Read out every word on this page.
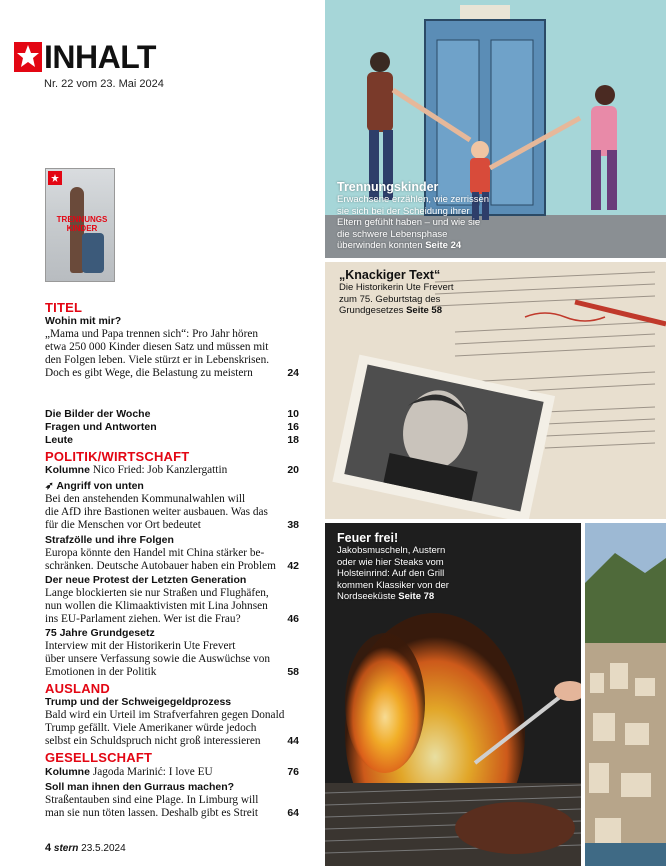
INHALT
Nr. 22 vom 23. Mai 2024
TRENNUNGS
KINDER
TITEL
Wohin mit mir?
„Mama und Papa trennen sich“: Pro Jahr hören
etwa 250 000 Kinder diesen Satz und müssen mit
den Folgen leben. Viele stürzt er in Lebenskrisen.
Doch es gibt Wege, die Belastung zu meistern	24
Die Bilder der Woche	10
Fragen und Antworten	16
Leute	18
POLITIK/WIRTSCHAFT
Kolumne Nico Fried: Job Kanzlergattin	20
➶ Angriff von unten
Bei den anstehenden Kommunalwahlen will
die AfD ihre Bastionen weiter ausbauen. Was das
für die Menschen vor Ort bedeutet	38
Strafzölle und ihre Folgen
Europa könnte den Handel mit China stärker be-
schränken. Deutsche Autobauer haben ein Problem	42
Der neue Protest der Letzten Generation
Lange blockierten sie nur Straßen und Flughäfen,
nun wollen die Klimaaktivisten mit Lina Johnsen
ins EU-Parlament ziehen. Wer ist die Frau?	46
75 Jahre Grundgesetz
Interview mit der Historikerin Ute Frevert
über unsere Verfassung sowie die Auswüchse von
Emotionen in der Politik	58
AUSLAND
Trump und der Schweigegeldprozess
Bald wird ein Urteil im Strafverfahren gegen Donald
Trump gefällt. Viele Amerikaner würde jedoch
selbst ein Schuldspruch nicht groß interessieren	44
GESELLSCHAFT
Kolumne Jagoda Marinić: I love EU	76
Soll man ihnen den Gurraus machen?
Straßentauben sind eine Plage. In Limburg will
man sie nun töten lassen. Deshalb gibt es Streit	64
4 stern 23.5.2024
Trennungskinder
Erwachsene erzählen, wie zerrissen
sie sich bei der Scheidung ihrer
Eltern gefühlt haben – und wie sie
die schwere Lebensphase
überwinden konnten Seite 24
„Knackiger Text“
Die Historikerin Ute Frevert
zum 75. Geburtstag des
Grundgesetzes Seite 58
Feuer frei!
Jakobsmuscheln, Austern
oder wie hier Steaks vom
Holsteinrind: Auf den Grill
kommen Klassiker von der
Nordseeküste Seite 78
